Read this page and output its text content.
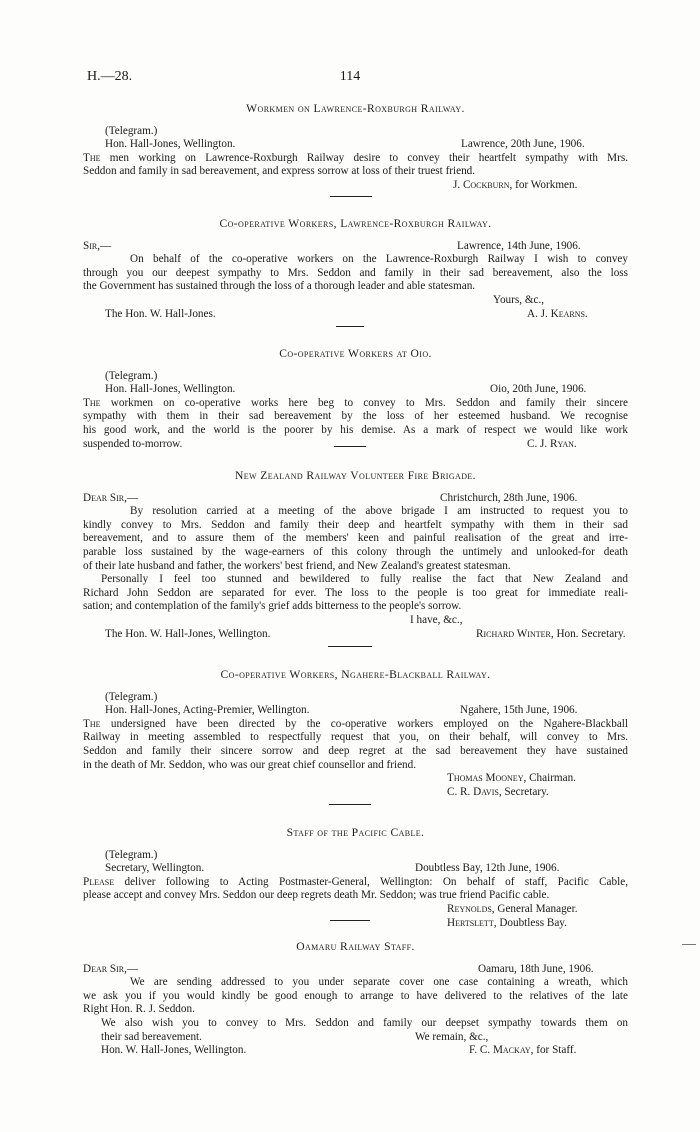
H.—28.	114
Workmen on Lawrence-Roxburgh Railway.
(Telegram.)
Hon. Hall-Jones, Wellington.	Lawrence, 20th June, 1906.
The men working on Lawrence-Roxburgh Railway desire to convey their heartfelt sympathy with Mrs.
Seddon and family in sad bereavement, and express sorrow at loss of their truest friend.
J. Cockburn, for Workmen.
Co-operative Workers, Lawrence-Roxburgh Railway.
Sir,—	Lawrence, 14th June, 1906.
On behalf of the co-operative workers on the Lawrence-Roxburgh Railway I wish to convey
through you our deepest sympathy to Mrs. Seddon and family in their sad bereavement, also the loss
the Government has sustained through the loss of a thorough leader and able statesman.
Yours, &c.,
The Hon. W. Hall-Jones.	A. J. Kearns.
Co-operative Workers at Oio.
(Telegram.)
Hon. Hall-Jones, Wellington.	Oio, 20th June, 1906.
The workmen on co-operative works here beg to convey to Mrs. Seddon and family their sincere
sympathy with them in their sad bereavement by the loss of her esteemed husband. We recognise
his good work, and the world is the poorer by his demise. As a mark of respect we would like work
suspended to-morrow.	C. J. Ryan.
New Zealand Railway Volunteer Fire Brigade.
Dear Sir,—	Christchurch, 28th June, 1906.
By resolution carried at a meeting of the above brigade I am instructed to request you to
kindly convey to Mrs. Seddon and family their deep and heartfelt sympathy with them in their sad
bereavement, and to assure them of the members' keen and painful realisation of the great and irre-
parable loss sustained by the wage-earners of this colony through the untimely and unlooked-for death
of their late husband and father, the workers' best friend, and New Zealand's greatest statesman.
Personally I feel too stunned and bewildered to fully realise the fact that New Zealand and
Richard John Seddon are separated for ever. The loss to the people is too great for immediate reali-
sation; and contemplation of the family's grief adds bitterness to the people's sorrow.
I have, &c.,
The Hon. W. Hall-Jones, Wellington.	Richard Winter, Hon. Secretary.
Co-operative Workers, Ngahere-Blackball Railway.
(Telegram.)
Hon. Hall-Jones, Acting-Premier, Wellington.	Ngahere, 15th June, 1906.
The undersigned have been directed by the co-operative workers employed on the Ngahere-Blackball
Railway in meeting assembled to respectfully request that you, on their behalf, will convey to Mrs.
Seddon and family their sincere sorrow and deep regret at the sad bereavement they have sustained
in the death of Mr. Seddon, who was our great chief counsellor and friend.
Thomas Mooney, Chairman.
C. R. Davis, Secretary.
Staff of the Pacific Cable.
(Telegram.)
Secretary, Wellington.	Doubtless Bay, 12th June, 1906.
Please deliver following to Acting Postmaster-General, Wellington: On behalf of staff, Pacific Cable,
please accept and convey Mrs. Seddon our deep regrets death Mr. Seddon; was true friend Pacific cable.
Reynolds, General Manager.
Hertslett, Doubtless Bay.
Oamaru Railway Staff.
Dear Sir,—	Oamaru, 18th June, 1906.
We are sending addressed to you under separate cover one case containing a wreath, which
we ask you if you would kindly be good enough to arrange to have delivered to the relatives of the late
Right Hon. R. J. Seddon.
We also wish you to convey to Mrs. Seddon and family our deepset sympathy towards them on
their sad bereavement.	We remain, &c.,
Hon. W. Hall-Jones, Wellington.	F. C. Mackay, for Staff.
